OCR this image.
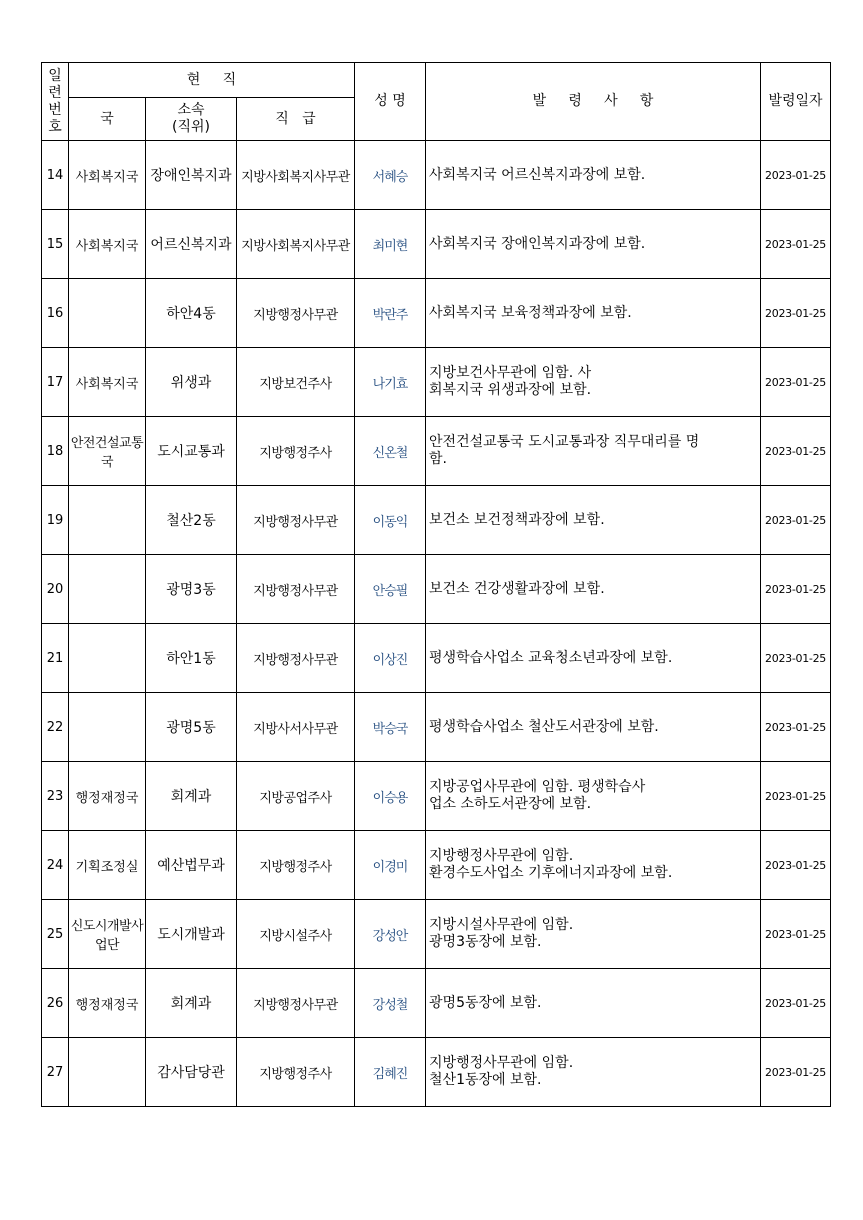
일
련
번
호	현     직			성 명	발     령     사     항	발령일자
	국	소속
(직위)	직   급			
14	사회복지국	장애인복지과	지방사회복지사무관	서혜승	사회복지국 어르신복지과장에 보함.	2023-01-25
15	사회복지국	어르신복지과	지방사회복지사무관	최미현	사회복지국 장애인복지과장에 보함.	2023-01-25
16		하안4동	지방행정사무관	박란주	사회복지국 보육정책과장에 보함.	2023-01-25
17	사회복지국	위생과	지방보건주사	나기효	지방보건사무관에 임함. 사
회복지국 위생과장에 보함.	2023-01-25
18	안전건설교통국	도시교통과	지방행정주사	신온철	안전건설교통국 도시교통과장 직무대리를 명
함.	2023-01-25
19		철산2동	지방행정사무관	이동익	보건소 보건정책과장에 보함.	2023-01-25
20		광명3동	지방행정사무관	안승필	보건소 건강생활과장에 보함.	2023-01-25
21		하안1동	지방행정사무관	이상진	평생학습사업소 교육청소년과장에 보함.	2023-01-25
22		광명5동	지방사서사무관	박승국	평생학습사업소 철산도서관장에 보함.	2023-01-25
23	행정재정국	회계과	지방공업주사	이승용	지방공업사무관에 임함. 평생학습사
업소 소하도서관장에 보함.	2023-01-25
24	기획조정실	예산법무과	지방행정주사	이경미	지방행정사무관에 임함.
환경수도사업소 기후에너지과장에 보함.	2023-01-25
25	신도시개발사업단	도시개발과	지방시설주사	강성안	지방시설사무관에 임함.
광명3동장에 보함.	2023-01-25
26	행정재정국	회계과	지방행정사무관	강성철	광명5동장에 보함.	2023-01-25
27		감사담당관	지방행정주사	김혜진	지방행정사무관에 임함.
철산1동장에 보함.	2023-01-25
